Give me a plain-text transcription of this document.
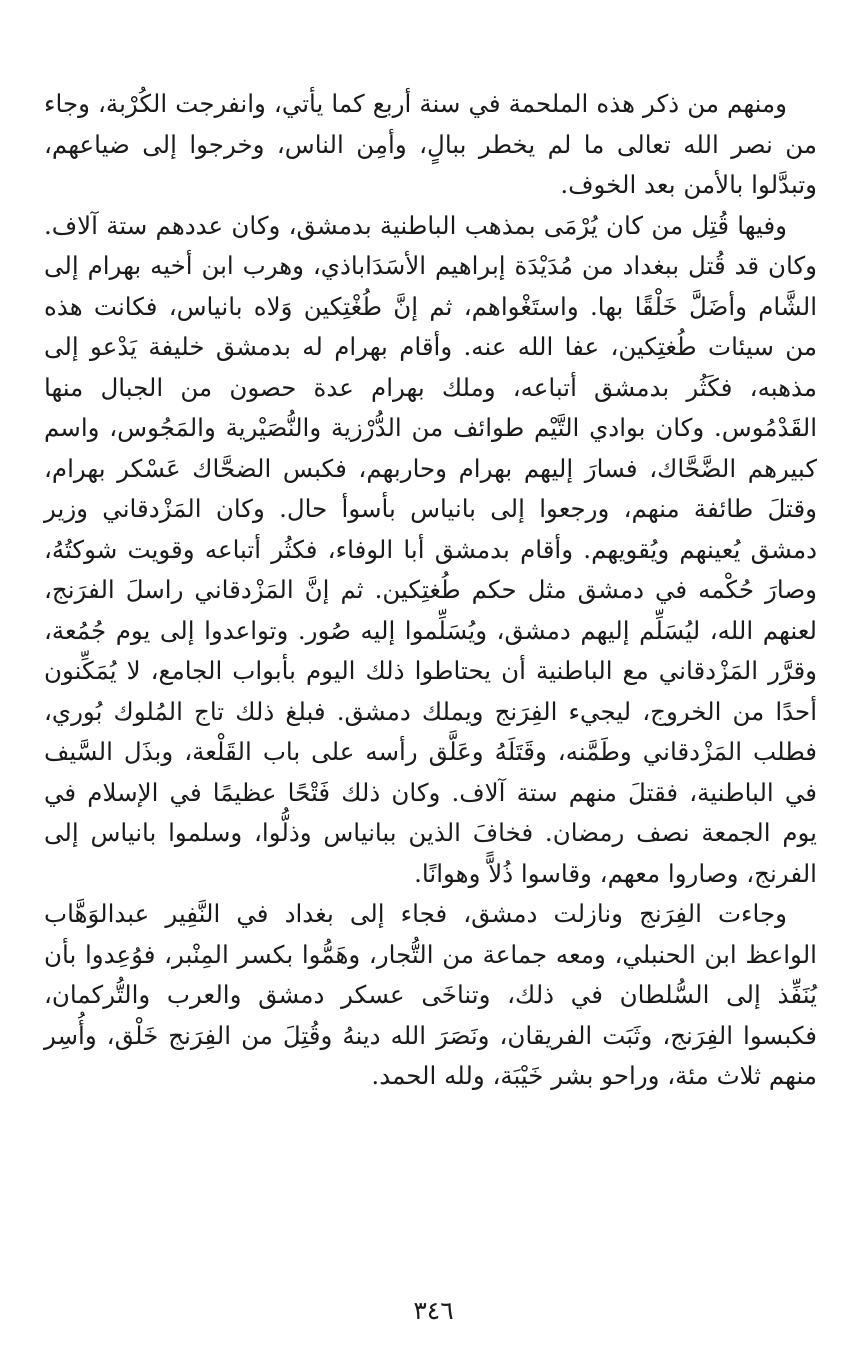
ومنهم من ذكر هذه الملحمة في سنة أربع كما يأتي، وانفرجت الكُرْبة، وجاء من نصر الله تعالى ما لم يخطر ببالٍ، وأمِن الناس، وخرجوا إلى ضياعهم، وتبدَّلوا بالأمن بعد الخوف.

وفيها قُتِل من كان يُرْمَى بمذهب الباطنية بدمشق، وكان عددهم ستة آلاف. وكان قد قُتل ببغداد من مُدَيْدَة إبراهيم الأسَدَاباذي، وهرب ابن أخيه بهرام إلى الشَّام وأضَلَّ خَلْقًا بها. واستَغْواهم، ثم إنَّ طُغْتِكين وَلاه بانياس، فكانت هذه من سيئات طُغتِكين، عفا الله عنه. وأقام بهرام له بدمشق خليفة يَدْعو إلى مذهبه، فكَثُر بدمشق أتباعه، وملك بهرام عدة حصون من الجبال منها القَدْمُوس. وكان بوادي التَّيْم طوائف من الدُّرْزية والنُّصَيْرية والمَجُوس، واسم كبيرهم الضَّحَّاك، فسارَ إليهم بهرام وحاربهم، فكبس الضحَّاك عَسْكر بهرام، وقتلَ طائفة منهم، ورجعوا إلى بانياس بأسوأ حال. وكان المَزْدقاني وزير دمشق يُعينهم ويُقويهم. وأقام بدمشق أبا الوفاء، فكثُر أتباعه وقويت شوكتُهُ، وصارَ حُكْمه في دمشق مثل حكم طُغتِكين. ثم إنَّ المَزْدقاني راسلَ الفرَنج، لعنهم الله، ليُسَلِّم إليهم دمشق، ويُسَلِّموا إليه صُور. وتواعدوا إلى يوم جُمُعة، وقرَّر المَزْدقاني مع الباطنية أن يحتاطوا ذلك اليوم بأبواب الجامع، لا يُمَكِّنون أحدًا من الخروج، ليجيء الفِرَنج ويملك دمشق. فبلغ ذلك تاج المُلوك بُوري، فطلب المَزْدقاني وطَمَّنه، وقَتَلَهُ وعَلَّق رأسه على باب القَلْعة، وبذَل السَّيف في الباطنية، فقتلَ منهم ستة آلاف. وكان ذلك فَتْحًا عظيمًا في الإسلام في يوم الجمعة نصف رمضان. فخافَ الذين ببانياس وذلُّوا، وسلموا بانياس إلى الفرنج، وصاروا معهم، وقاسوا ذُلاًّ وهوانًا.

وجاءت الفِرَنج ونازلت دمشق، فجاء إلى بغداد في النَّفِير عبدالوَهَّاب الواعظ ابن الحنبلي، ومعه جماعة من التُّجار، وهَمُّوا بكسر المِنْبر، فوُعِدوا بأن يُنَفِّذ إلى السُّلطان في ذلك، وتناخَى عسكر دمشق والعرب والتُّركمان، فكبسوا الفِرَنج، وثَبَت الفريقان، ونَصَرَ الله دينهُ وقُتِلَ من الفِرَنج خَلْق، وأُسِر منهم ثلاث مئة، وراحو بشر خَيْبَة، ولله الحمد.

٣٤٦
